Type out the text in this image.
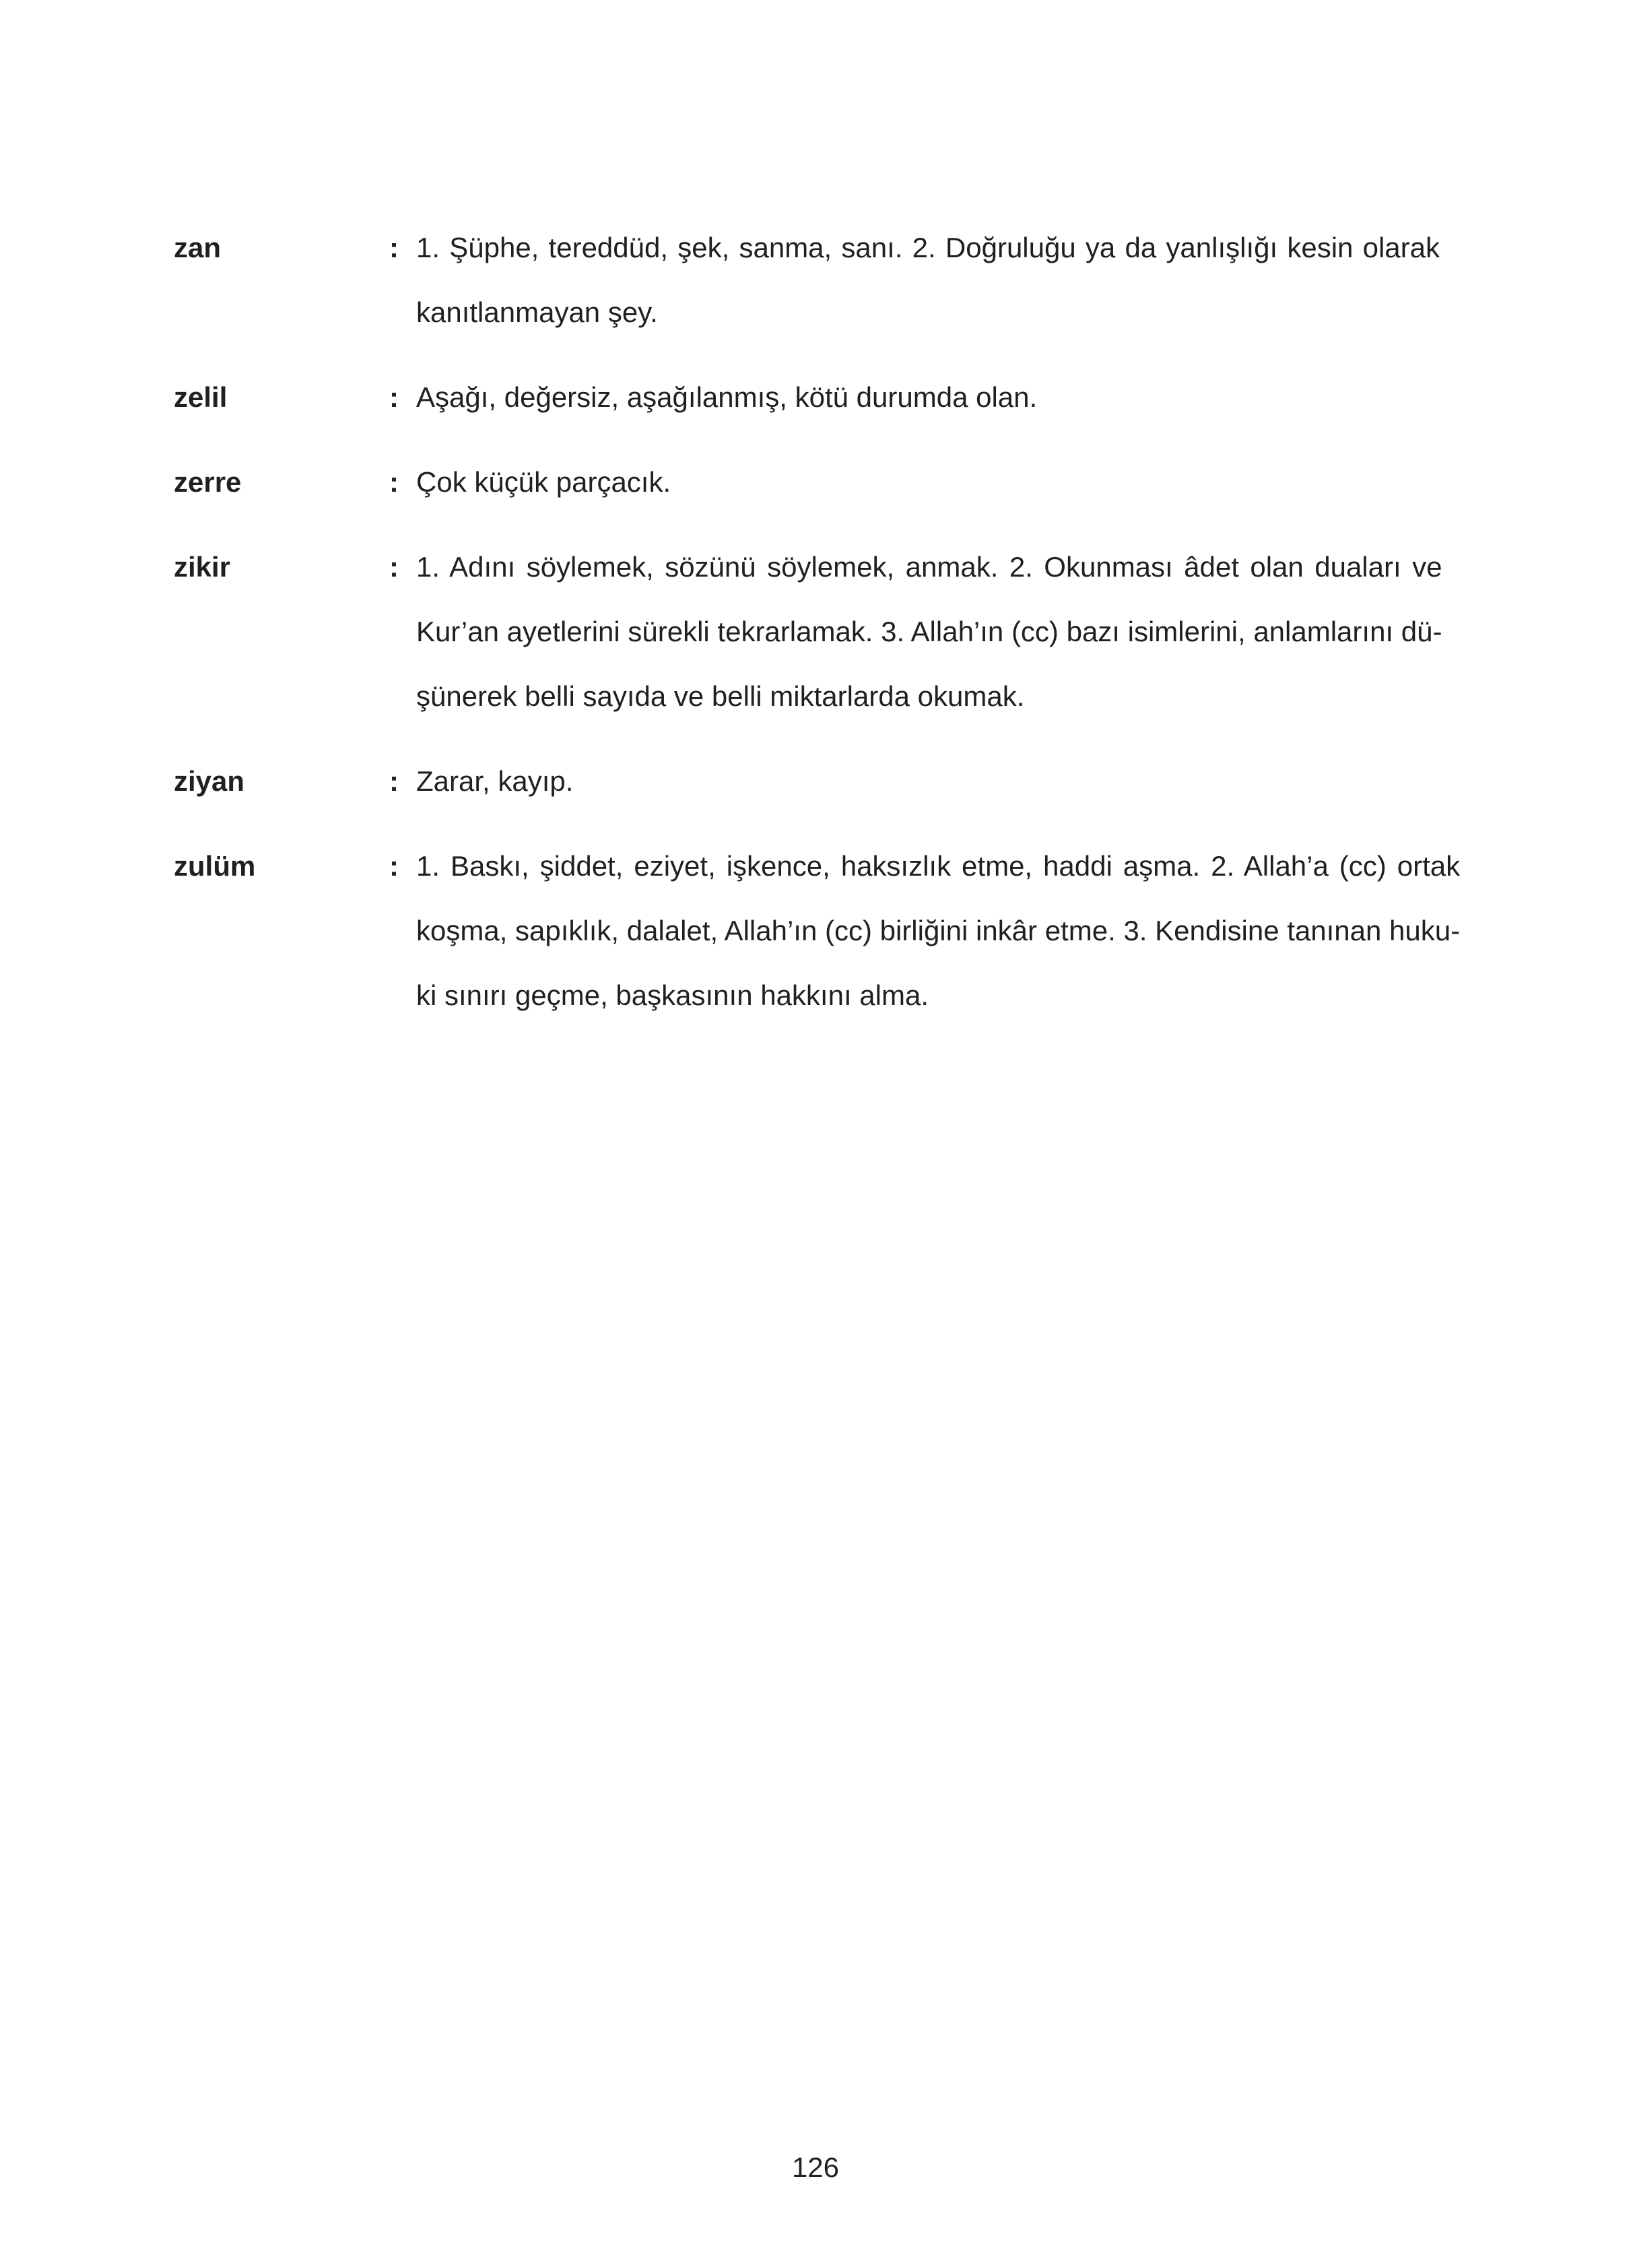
zan	: 1. Şüphe, tereddüd, şek, sanma, sanı. 2. Doğruluğu ya da yanlışlığı kesin olarak
kanıtlanmayan şey.
zelil	: Aşağı, değersiz, aşağılanmış, kötü durumda olan.
zerre	: Çok küçük parçacık.
zikir	: 1. Adını söylemek, sözünü söylemek, anmak. 2. Okunması âdet olan duaları ve
Kur’an ayetlerini sürekli tekrarlamak. 3. Allah’ın (cc) bazı isimlerini, anlamlarını dü-
şünerek belli sayıda ve belli miktarlarda okumak.
ziyan	: Zarar, kayıp.
zulüm	: 1. Baskı, şiddet, eziyet, işkence, haksızlık etme, haddi aşma. 2. Allah’a (cc) ortak
koşma, sapıklık, dalalet, Allah’ın (cc) birliğini inkâr etme. 3. Kendisine tanınan huku-
ki sınırı geçme, başkasının hakkını alma.
126
